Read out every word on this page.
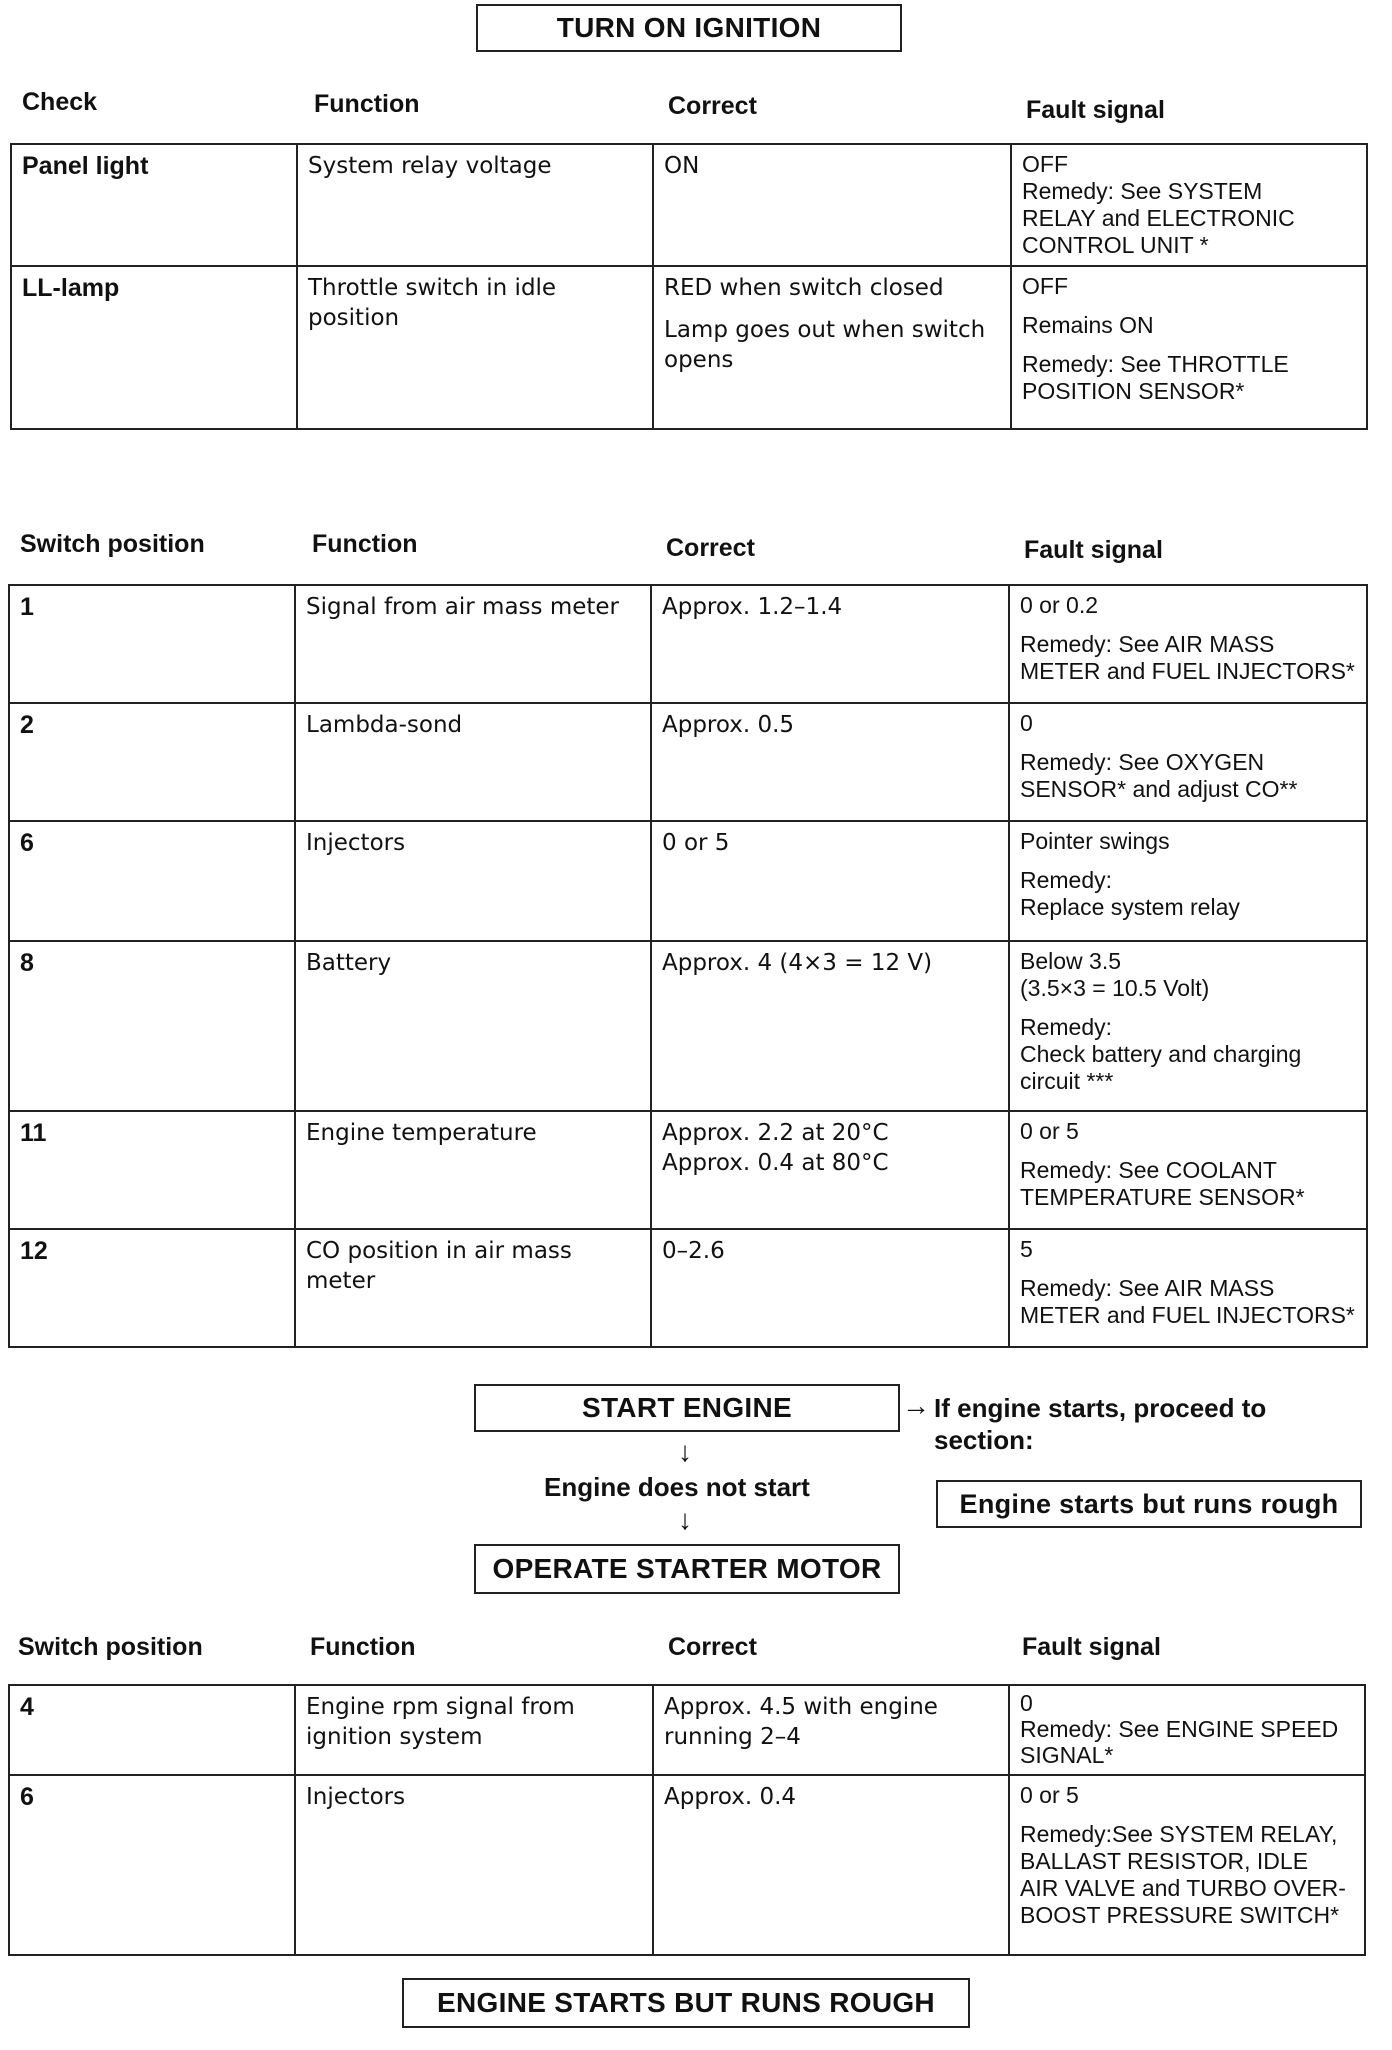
TURN ON IGNITION
Check	Function	Correct	Fault signal
Panel light	System relay voltage	ON	OFF
Remedy: See SYSTEM
RELAY and ELECTRONIC
CONTROL UNIT *

LL-lamp	Throttle switch in idle position	RED when switch closed
Lamp goes out when switch opens	OFF
Remains ON
Remedy: See THROTTLE
POSITION SENSOR*
Switch position	Function	Correct	Fault signal
1	Signal from air mass meter	Approx. 1.2–1.4	0 or 0.2
Remedy: See AIR MASS
METER and FUEL INJECTORS*

2	Lambda-sond	Approx. 0.5	0
Remedy: See OXYGEN
SENSOR* and adjust CO**

6	Injectors	0 or 5	Pointer swings
Remedy:
Replace system relay

8	Battery	Approx. 4 (4×3 = 12 V)	Below 3.5
(3.5×3 = 10.5 Volt)
Remedy:
Check battery and charging
circuit ***

11	Engine temperature	Approx. 2.2 at 20°C
Approx. 0.4 at 80°C	0 or 5
Remedy: See COOLANT
TEMPERATURE SENSOR*

12	CO position in air mass meter	0–2.6	5
Remedy: See AIR MASS
METER and FUEL INJECTORS*
START ENGINE	→ If engine starts, proceed to section:
↓
Engine does not start
↓
Engine starts but runs rough
OPERATE STARTER MOTOR
Switch position	Function	Correct	Fault signal
4	Engine rpm signal from ignition system	Approx. 4.5 with engine running 2–4	0
Remedy: See ENGINE SPEED
SIGNAL*

6	Injectors	Approx. 0.4	0 or 5
Remedy:See SYSTEM RELAY,
BALLAST RESISTOR, IDLE
AIR VALVE and TURBO OVER-
BOOST PRESSURE SWITCH*
ENGINE STARTS BUT RUNS ROUGH
